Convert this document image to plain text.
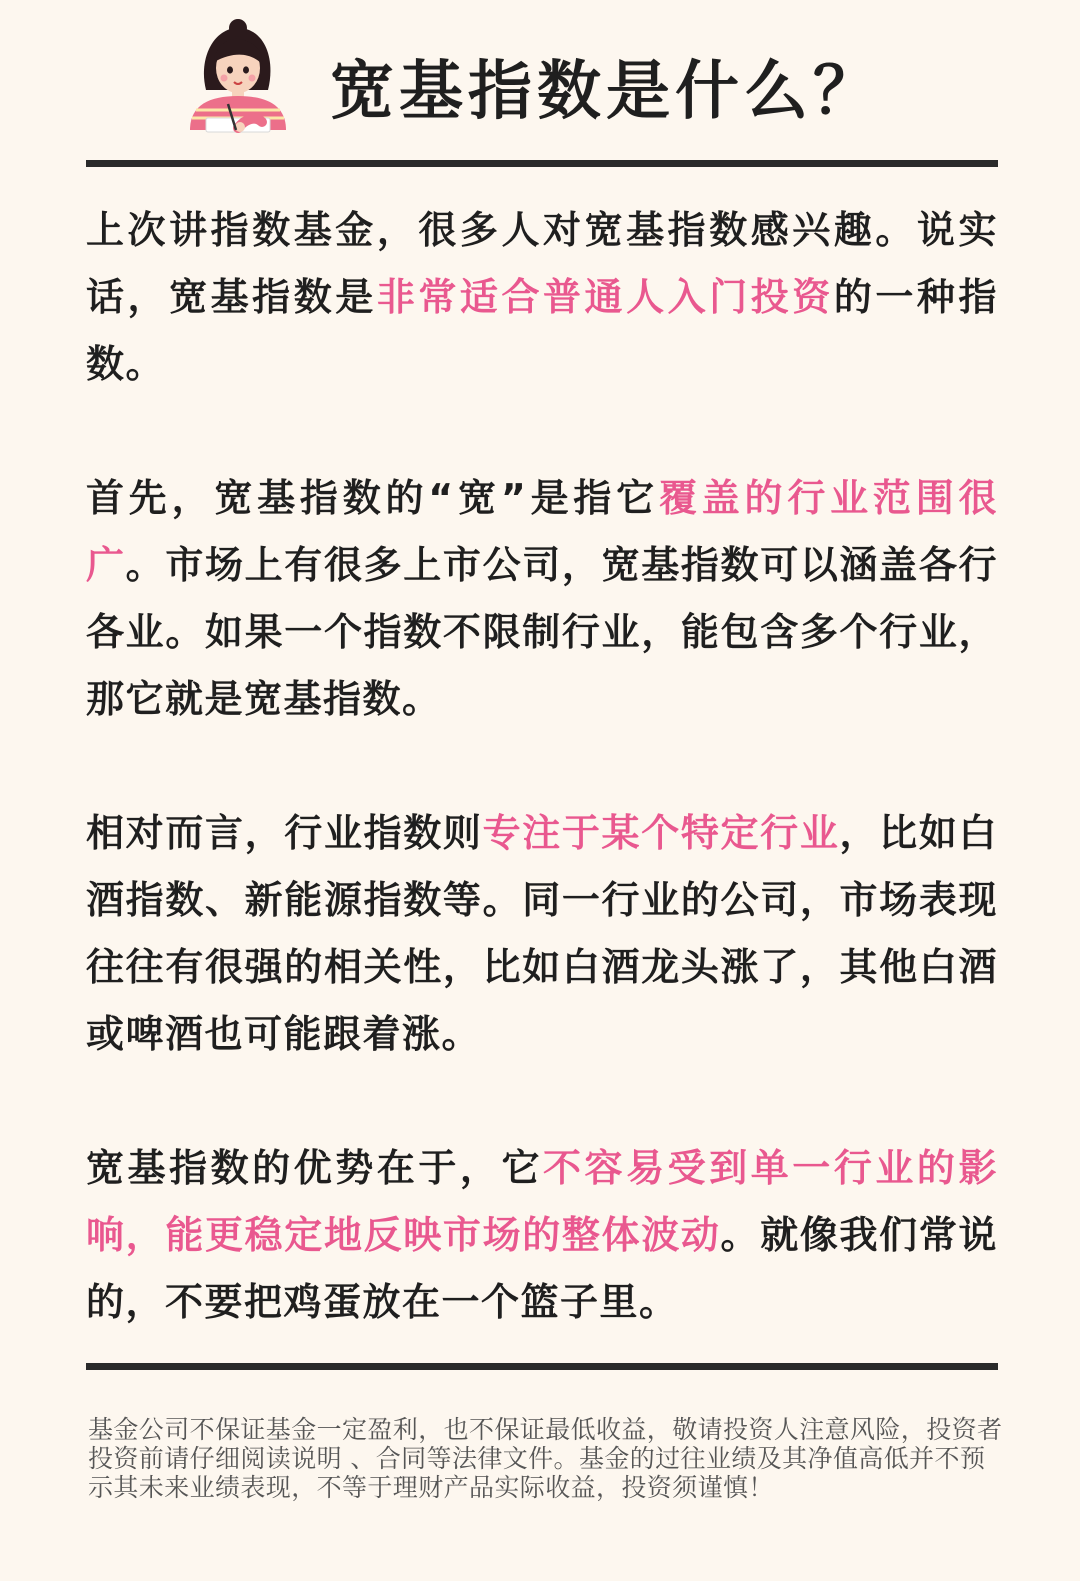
宽基指数是什么？

上次讲指数基金，很多人对宽基指数感兴趣。说实话，宽基指数是非常适合普通人入门投资的一种指数。

首先，宽基指数的“宽”是指它覆盖的行业范围很广。市场上有很多上市公司，宽基指数可以涵盖各行各业。如果一个指数不限制行业，能包含多个行业，那它就是宽基指数。

相对而言，行业指数则专注于某个特定行业，比如白酒指数、新能源指数等。同一行业的公司，市场表现往往有很强的相关性，比如白酒龙头涨了，其他白酒或啤酒也可能跟着涨。

宽基指数的优势在于，它不容易受到单一行业的影响，能更稳定地反映市场的整体波动。就像我们常说的，不要把鸡蛋放在一个篮子里。

基金公司不保证基金一定盈利，也不保证最低收益，敬请投资人注意风险，投资者投资前请仔细阅读说明 、合同等法律文件。基金的过往业绩及其净值高低并不预示其未来业绩表现，不等于理财产品实际收益，投资须谨慎！
